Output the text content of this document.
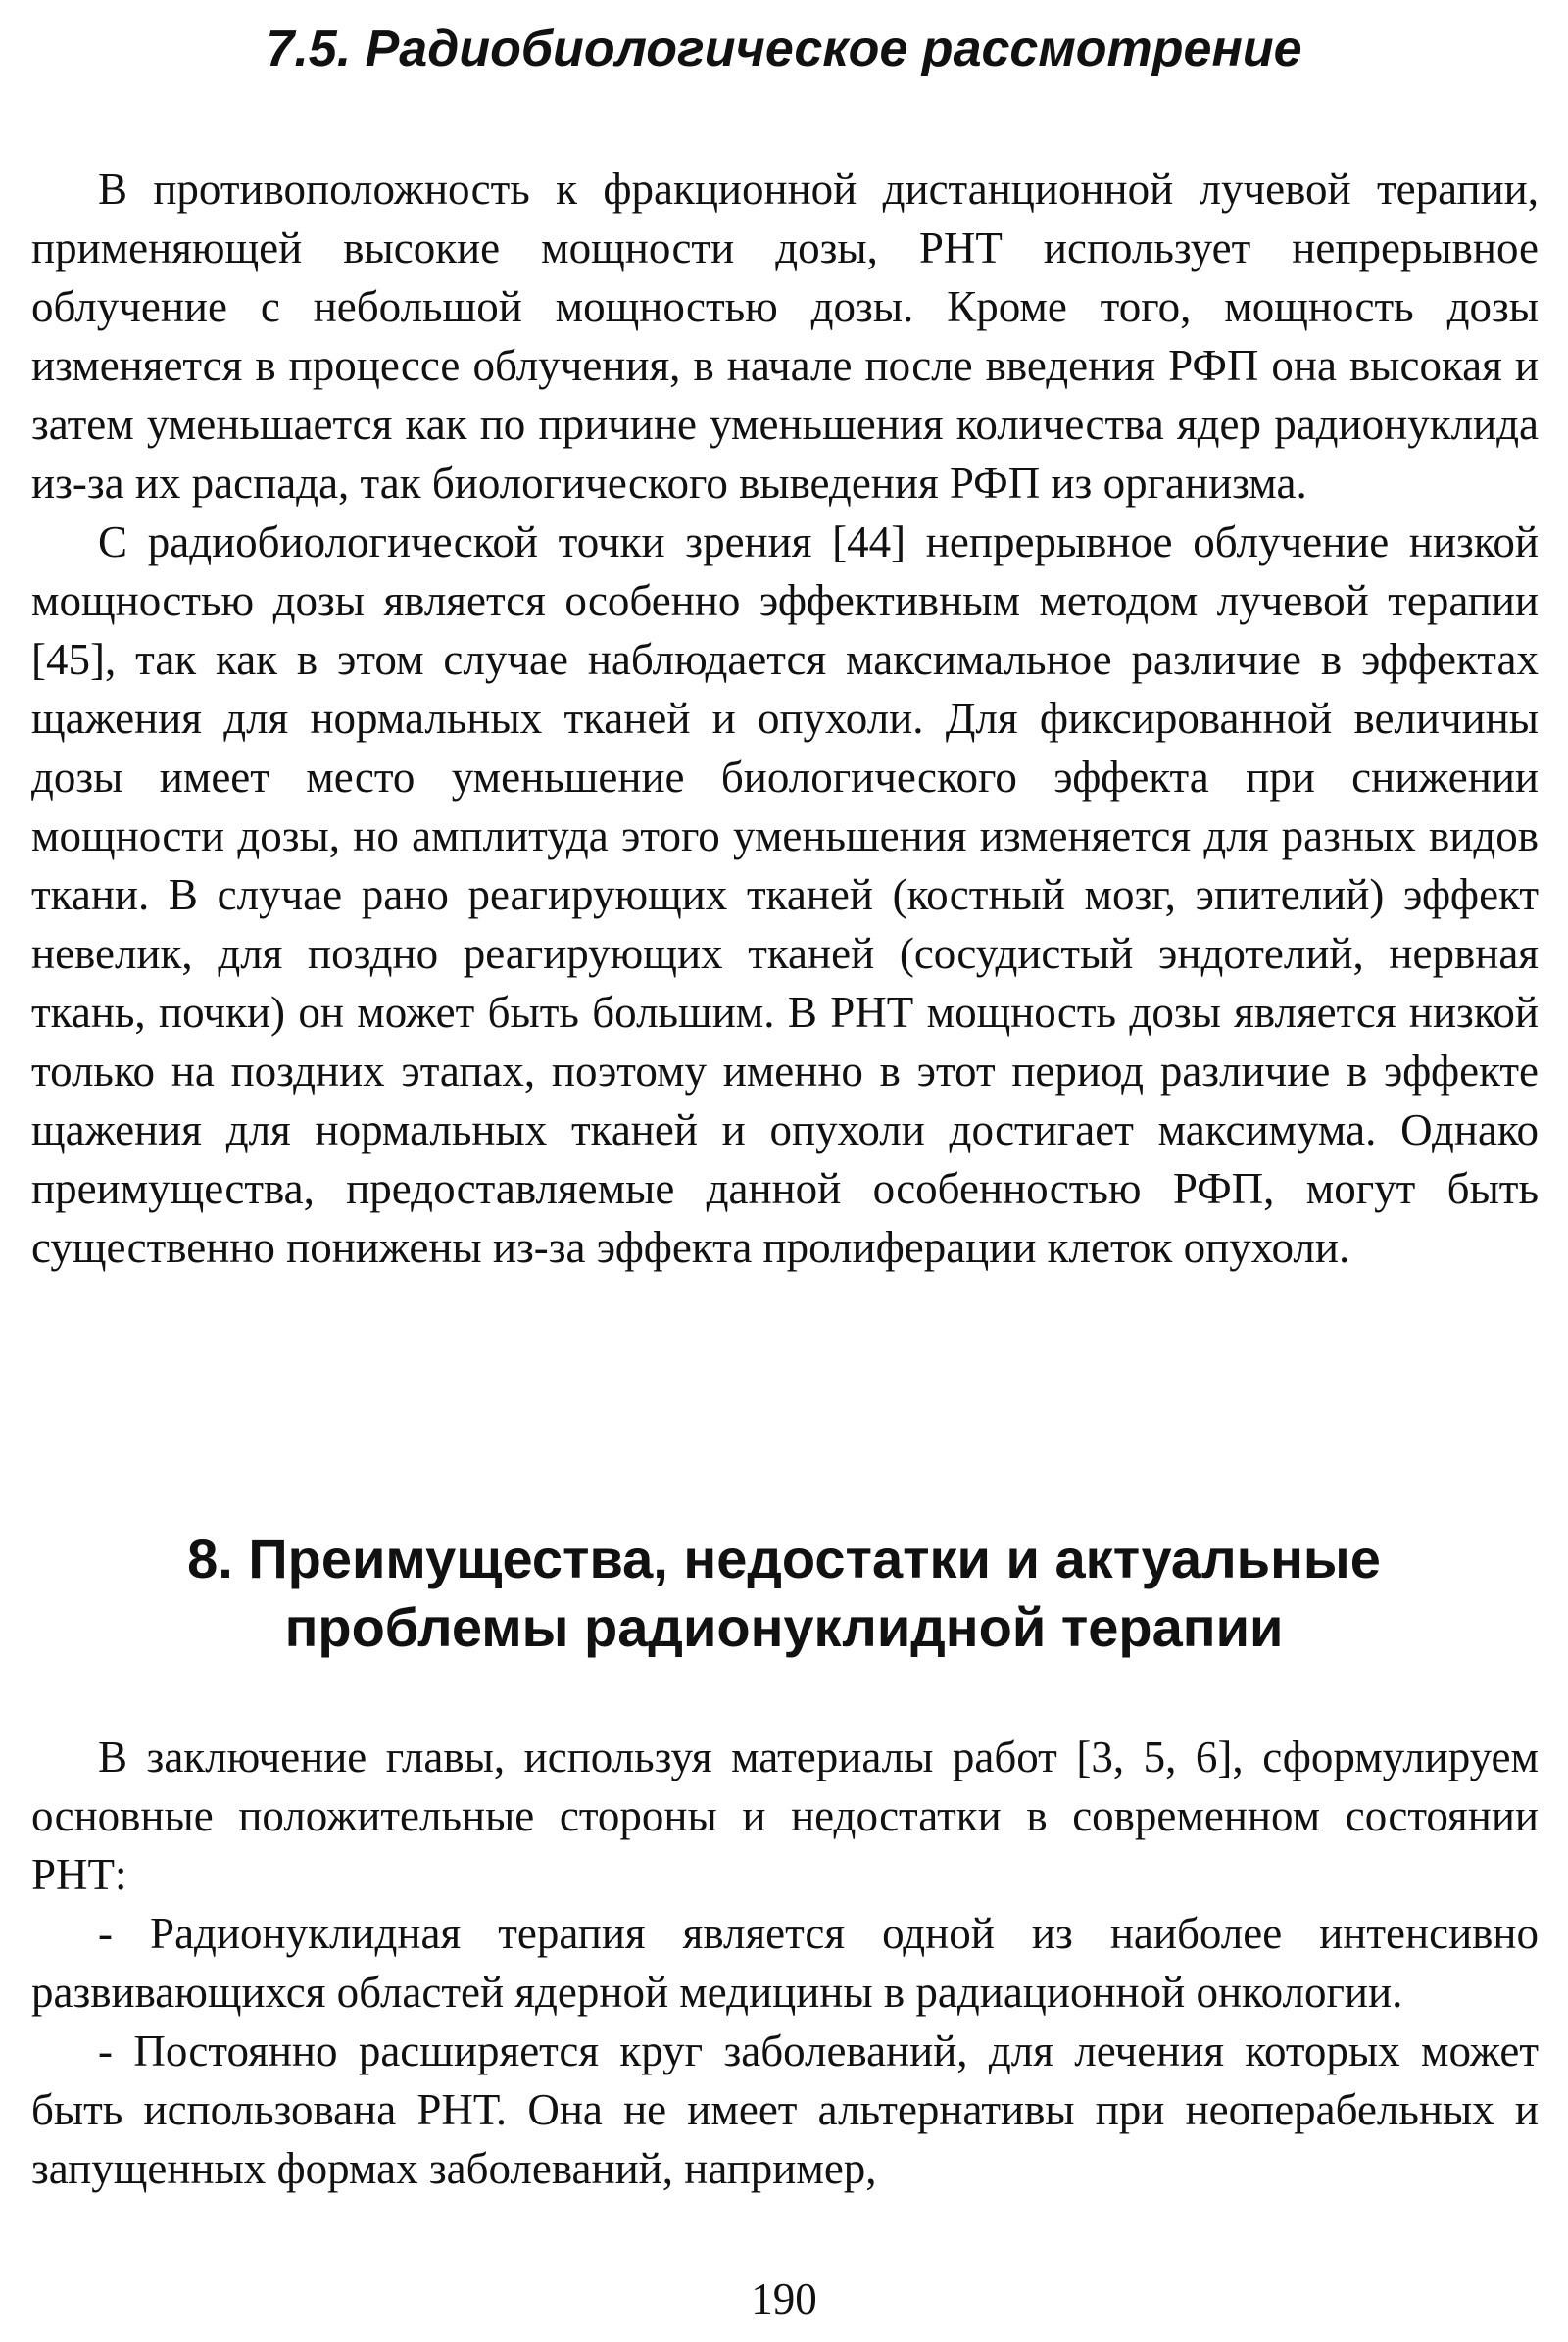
7.5. Радиобиологическое рассмотрение

В противоположность к фракционной дистанционной лучевой терапии, применяющей высокие мощности дозы, РНТ использует непрерывное облучение с небольшой мощностью дозы. Кроме того, мощность дозы изменяется в процессе облучения, в начале после введения РФП она высокая и затем уменьшается как по причине уменьшения количества ядер радионуклида из-за их распада, так биологического выведения РФП из организма.

С радиобиологической точки зрения [44] непрерывное облучение низкой мощностью дозы является особенно эффективным методом лучевой терапии [45], так как в этом случае наблюдается максимальное различие в эффектах щажения для нормальных тканей и опухоли. Для фиксированной величины дозы имеет место уменьшение биологического эффекта при снижении мощности дозы, но амплитуда этого уменьшения изменяется для разных видов ткани. В случае рано реагирующих тканей (костный мозг, эпителий) эффект невелик, для поздно реагирующих тканей (сосудистый эндотелий, нервная ткань, почки) он может быть большим. В РНТ мощность дозы является низкой только на поздних этапах, поэтому именно в этот период различие в эффекте щажения для нормальных тканей и опухоли достигает максимума. Однако преимущества, предоставляемые данной особенностью РФП, могут быть существенно понижены из-за эффекта пролиферации клеток опухоли.

8. Преимущества, недостатки и актуальные
проблемы радионуклидной терапии

В заключение главы, используя материалы работ [3, 5, 6], сформулируем основные положительные стороны и недостатки в современном состоянии РНТ:

- Радионуклидная терапия является одной из наиболее интенсивно развивающихся областей ядерной медицины в радиационной онкологии.

- Постоянно расширяется круг заболеваний, для лечения которых может быть использована РНТ. Она не имеет альтернативы при неоперабельных и запущенных формах заболеваний, например,

190
